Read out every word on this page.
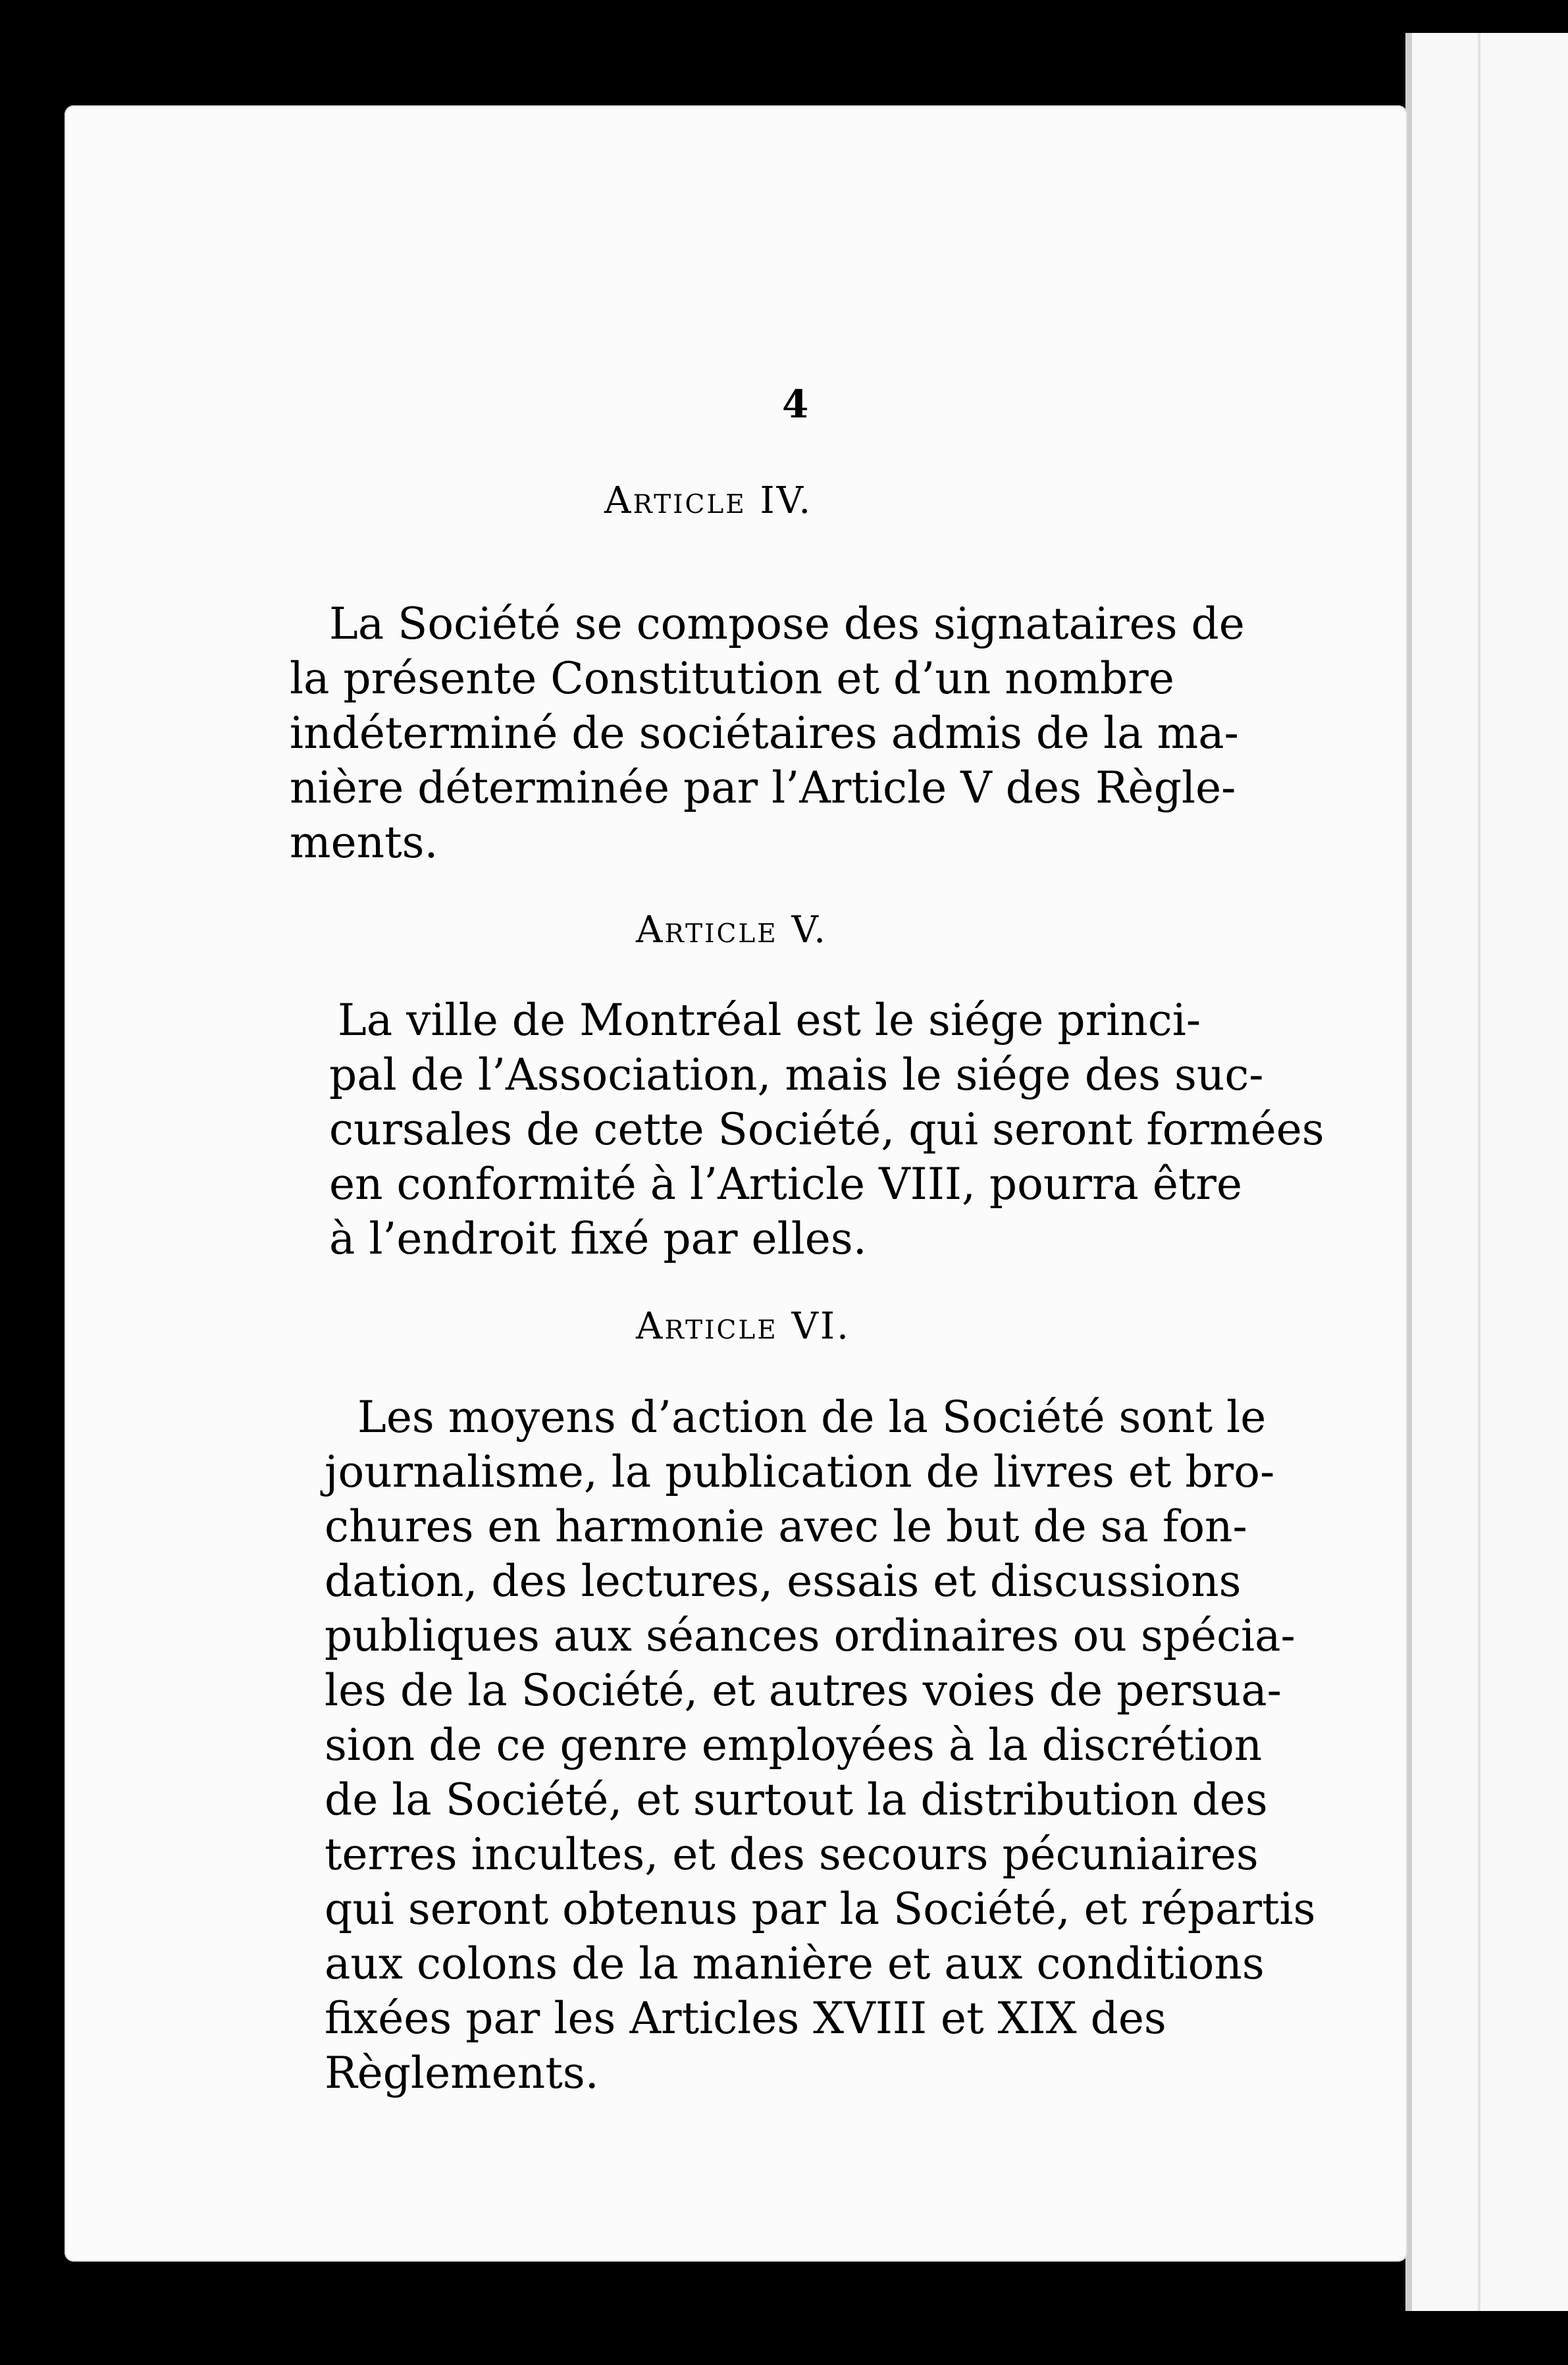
4
Article IV.
La Société se compose des signataires de
la présente Constitution et d’un nombre
indéterminé de sociétaires admis de la ma-
nière déterminée par l’Article V des Règle-
ments.
Article V.
La ville de Montréal est le siége princi-
pal de l’Association, mais le siége des suc-
cursales de cette Société, qui seront formées
en conformité à l’Article VIII, pourra être
à l’endroit fixé par elles.
Article VI.
Les moyens d’action de la Société sont le
journalisme, la publication de livres et bro-
chures en harmonie avec le but de sa fon-
dation, des lectures, essais et discussions
publiques aux séances ordinaires ou spécia-
les de la Société, et autres voies de persua-
sion de ce genre employées à la discrétion
de la Société, et surtout la distribution des
terres incultes, et des secours pécuniaires
qui seront obtenus par la Société, et répartis
aux colons de la manière et aux conditions
fixées par les Articles XVIII et XIX des
Règlements.
